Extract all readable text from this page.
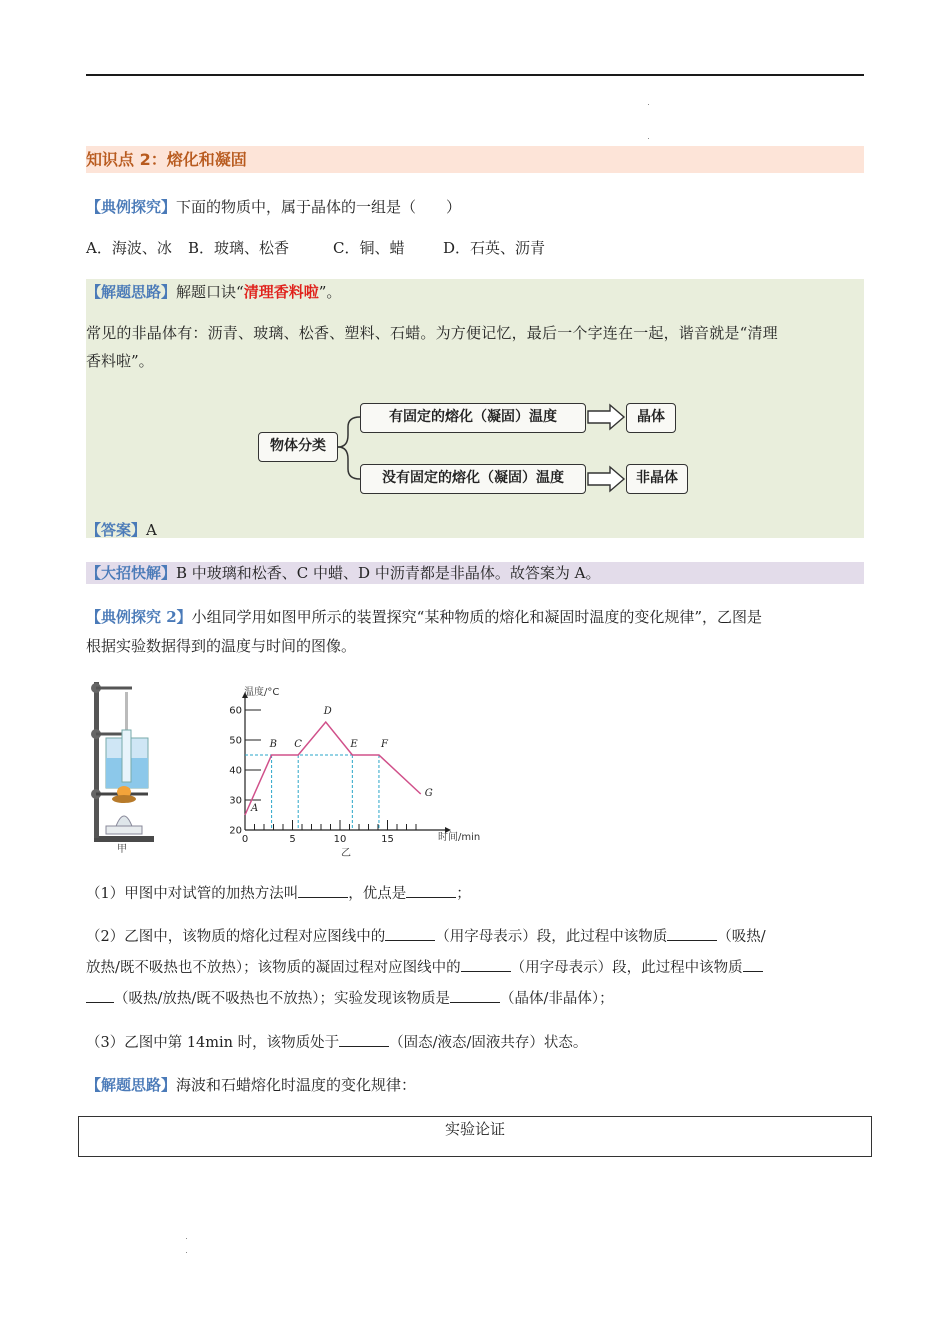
知识点 2：熔化和凝固
【典例探究】下面的物质中，属于晶体的一组是（　　）
A．海波、冰 B．玻璃、松香	C．铜、蜡	D．石英、沥青
【解题思路】解题口诀“清理香料啦”。
常见的非晶体有：沥青、玻璃、松香、塑料、石蜡。为方便记忆，最后一个字连在一起，谐音就是“清理
香料啦”。
物体分类
有固定的熔化（凝固）温度
没有固定的熔化（凝固）温度
晶体
非晶体
【答案】A
【大招快解】B 中玻璃和松香、C 中蜡、D 中沥青都是非晶体。故答案为 A。
【典例探究 2】小组同学用如图甲所示的装置探究“某种物质的熔化和凝固时温度的变化规律”，乙图是
根据实验数据得到的温度与时间的图像。
甲
20
30
40
50
60
0	5	10	15
A
B C
D
E F
G
温度/°C
时间/min
乙
（1）甲图中对试管的加热方法叫	，优点是	；
（2）乙图中，该物质的熔化过程对应图线中的	（用字母表示）段，此过程中该物质	（吸热/
放热/既不吸热也不放热）；该物质的凝固过程对应图线中的	（用字母表示）段，此过程中该物质
（吸热/放热/既不吸热也不放热）；实验发现该物质是	（晶体/非晶体）；
（3）乙图中第 14min 时，该物质处于	（固态/液态/固液共存）状态。
【解题思路】海波和石蜡熔化时温度的变化规律：
实验论证
